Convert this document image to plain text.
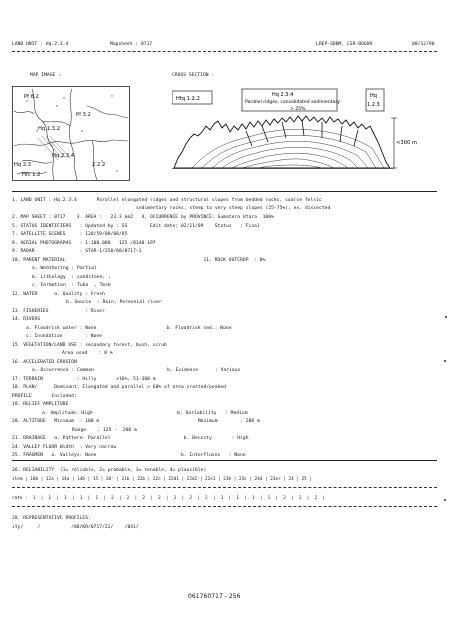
LAND UNIT : Hq.2.3.4	Mapsheet : 0717	LREP-SDBM, CSR-BOGOR	08/12/90
MAP IMAGE :	CROSS SECTION :
Pf 8.2
Pf 3.2
Hq 1.3.2
Hq 2.3.4
2.2.2
Hq 2.3
Hfc 1.2
Hfq 1.2.2
Hq 2.3.4
Parallel ridges, consolidated sedimentary
> 25%
Hq
1.2.3
<300 m
1. LAND UNIT : Hq.2.3.4       Parallel elongated ridges and structural slopes from bedded rocks, coarse felsic
sedimentary rocks, steep to very steep slopes (25-75%), ex. dissected
2. MAP SHEET : 0717    3. AREA :   23.3 km2   4. OCCURRENCE by PROVINCE: Sumatera Utara  100%
5. STATUS IDENTIFIERS   : Updated by : SS        Edit date: 02/11/89    Status   : Final
7. SATELLITE SCENES     : 128/59/08/08/85
8. AERIAL PHOTOGRAPHS   : 1:100.000   125 /8348-197
9. RADAR                : STAR-1/250/88/0717-1
10. PARENT MATERIAL                                                 11. ROCK OUTCROP  : 0%
a. Weathering : Partial
b. Lithology  : sandstone, ,
c. Formation  : Tuba  , Tmsk
12. WATER      a. Quality : Fresh
b. Source  : Rain, Perennial river
13. FISHERIES             : River
14. RIVERS
a. Floodrisk water : None                         b. Floodrisk sed.: None
c. Inundation        : None
15. VEGETATION/LAND USE : secondary forest, bush, scrub
Area used    : 0 %
16. ACCELERATED EROSION
a. Occurrence : Common                          b. Evidence      : Various
17. TERRAIN            : Hilly       >16%, 51-300 m
18. PLAN/      Dominant: Elongated and parallel > 60% of area crested/peaked
PROFILE       Included:
19. RELIEF AMPLITUDE
a. Amplitude: High                              b. Variability   : Medium
20. ALTITUDE   Minimum  : 100 m                                   Maximum        : 200 m
Range    : 125 -  200 m
21. DRAINAGE   a. Pattern: Parallel                          b. Density       : High
24. VALLEY FLOOR Width  : Very narrow
25. FRAGMEN   a. Valleys: None                              b. Interfluves   : None
26. RELIABILITY  (1= reliable, 2= probable, 3= tenable, 4= plausible)
item | 10b | 12a | 14a | 14b | 15 | 20' | 21b | 22b | 22c | 22d1 | 22d2 | 22e1 | 23b | 23c | 24d | 23er | 24 | 25 |
rate :  1  |  1  |  1  |  1  |  1  |  2  |  2  |  2  |  2  |  2  |  2  |  2  |  1  |  1  |  1  |  1  |  2  |  2  |  2  |
28. REPRESENTATIVE PROFILES:
ity/     /           /88/KR/0717/22/    /041/
061760717 - 256
